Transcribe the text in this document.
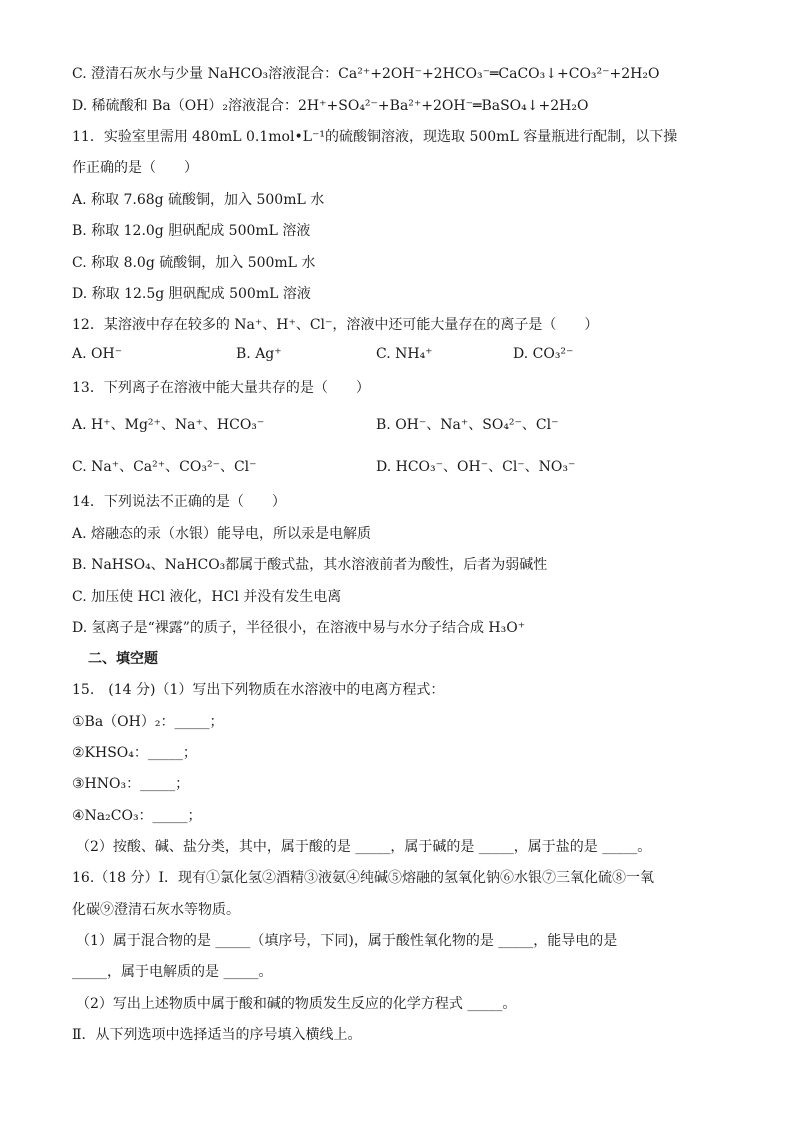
C. 澄清石灰水与少量 NaHCO₃溶液混合：Ca²⁺+2OH⁻+2HCO₃⁻═CaCO₃↓+CO₃²⁻+2H₂O
D. 稀硫酸和 Ba（OH）₂溶液混合：2H⁺+SO₄²⁻+Ba²⁺+2OH⁻═BaSO₄↓+2H₂O
11．实验室里需用 480mL 0.1mol•L⁻¹的硫酸铜溶液，现选取 500mL 容量瓶进行配制，以下操
作正确的是（　　）
A. 称取 7.68g 硫酸铜，加入 500mL 水
B. 称取 12.0g 胆矾配成 500mL 溶液
C. 称取 8.0g 硫酸铜，加入 500mL 水
D. 称取 12.5g 胆矾配成 500mL 溶液
12．某溶液中存在较多的 Na⁺、H⁺、Cl⁻，溶液中还可能大量存在的离子是（　　）
A. OH⁻	B. Ag⁺	C. NH₄⁺	D. CO₃²⁻
13．下列离子在溶液中能大量共存的是（　　）
A. H⁺、Mg²⁺、Na⁺、HCO₃⁻	B. OH⁻、Na⁺、SO₄²⁻、Cl⁻
C. Na⁺、Ca²⁺、CO₃²⁻、Cl⁻	D. HCO₃⁻、OH⁻、Cl⁻、NO₃⁻
14．下列说法不正确的是（　　）
A. 熔融态的汞（水银）能导电，所以汞是电解质
B. NaHSO₄、NaHCO₃都属于酸式盐，其水溶液前者为酸性，后者为弱碱性
C. 加压使 HCl 液化，HCl 并没有发生电离
D. 氢离子是“裸露”的质子，半径很小，在溶液中易与水分子结合成 H₃O⁺
二、填空题
15.　(14 分)（1）写出下列物质在水溶液中的电离方程式：
①Ba（OH）₂：_____；
②KHSO₄：_____；
③HNO₃：_____；
④Na₂CO₃：_____；
（2）按酸、碱、盐分类，其中，属于酸的是 _____，属于碱的是 _____，属于盐的是 _____。
16.（18 分）Ⅰ．现有①氯化氢②酒精③液氨④纯碱⑤熔融的氢氧化钠⑥水银⑦三氧化硫⑧一氧
化碳⑨澄清石灰水等物质。
（1）属于混合物的是 _____（填序号，下同)，属于酸性氧化物的是 _____，能导电的是
_____，属于电解质的是 _____。
（2）写出上述物质中属于酸和碱的物质发生反应的化学方程式 _____。
Ⅱ．从下列选项中选择适当的序号填入横线上。
